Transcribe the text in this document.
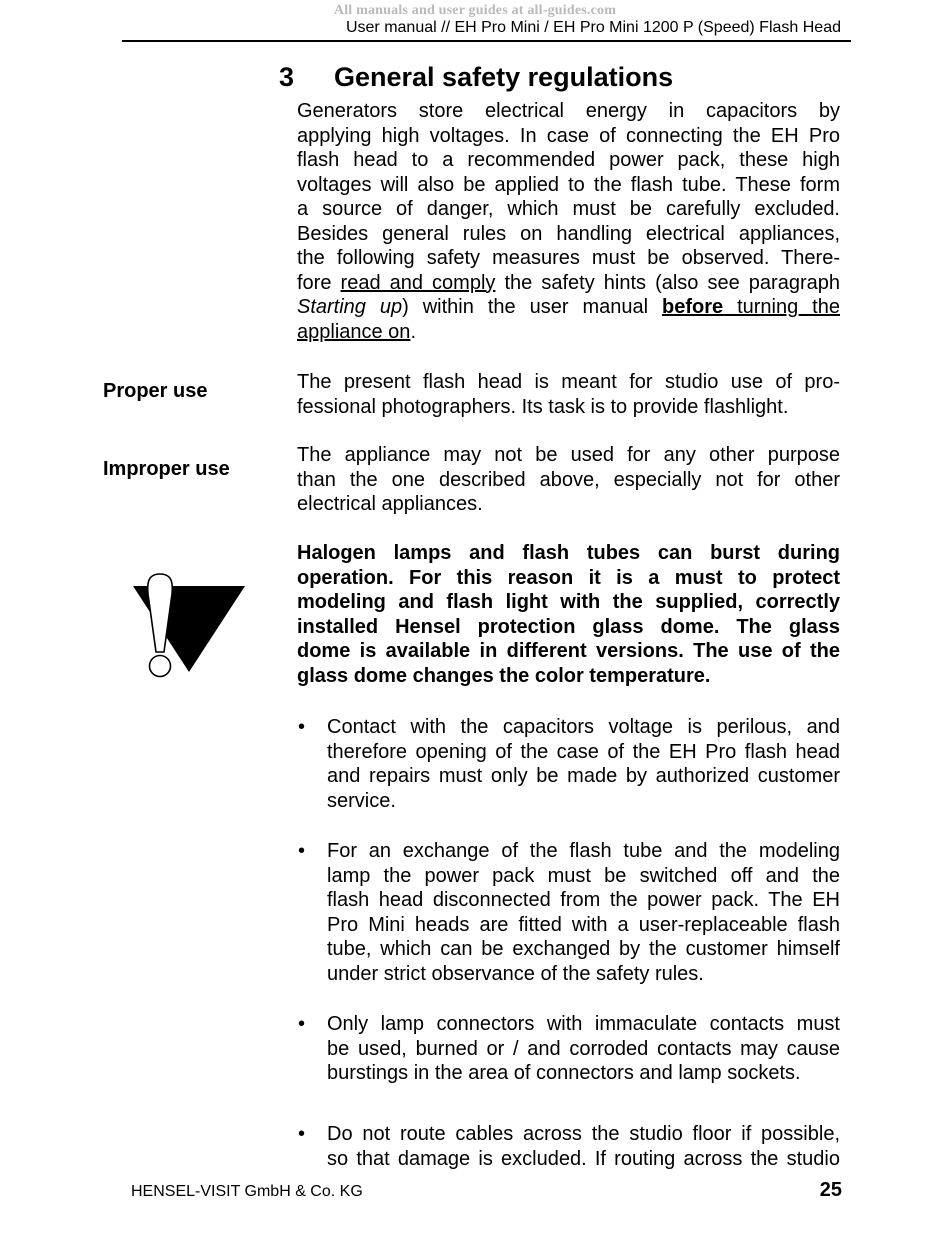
All manuals and user guides at all-guides.com
User manual // EH Pro Mini / EH Pro Mini 1200 P (Speed) Flash Head
3 General safety regulations
Generators store electrical energy in capacitors by
applying high voltages. In case of connecting the EH Pro
flash head to a recommended power pack, these high
voltages will also be applied to the flash tube. These form
a source of danger, which must be carefully excluded.
Besides general rules on handling electrical appliances,
the following safety measures must be observed. There-
fore read and comply the safety hints (also see paragraph
Starting up) within the user manual before turning the
appliance on.
Proper use	The present flash head is meant for studio use of pro-
fessional photographers. Its task is to provide flashlight.
Improper use
The appliance may not be used for any other purpose
than the one described above, especially not for other
electrical appliances.
Halogen lamps and flash tubes can burst during
operation. For this reason it is a must to protect
modeling and flash light with the supplied, correctly
installed Hensel protection glass dome. The glass
dome is available in different versions. The use of the
glass dome changes the color temperature.
• Contact with the capacitors voltage is perilous, and
therefore opening of the case of the EH Pro flash head
and repairs must only be made by authorized customer
service.
• For an exchange of the flash tube and the modeling
lamp the power pack must be switched off and the
flash head disconnected from the power pack. The EH
Pro Mini heads are fitted with a user-replaceable flash
tube, which can be exchanged by the customer himself
under strict observance of the safety rules.
• Only lamp connectors with immaculate contacts must
be used, burned or / and corroded contacts may cause
burstings in the area of connectors and lamp sockets.
• Do not route cables across the studio floor if possible,
so that damage is excluded. If routing across the studio
HENSEL-VISIT GmbH & Co. KG	25
